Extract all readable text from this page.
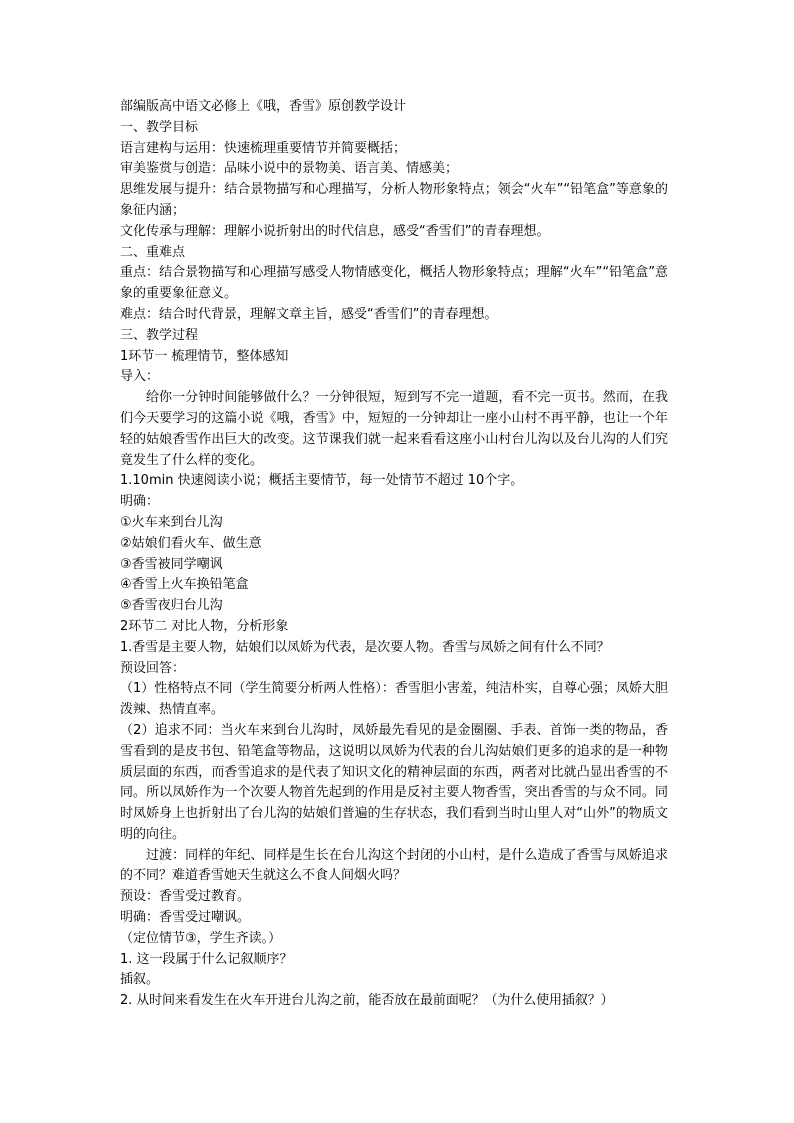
部编版高中语文必修上《哦，香雪》原创教学设计
一、教学目标
语言建构与运用：快速梳理重要情节并简要概括；
审美鉴赏与创造：品味小说中的景物美、语言美、情感美；
思维发展与提升：结合景物描写和心理描写，分析人物形象特点；领会“火车”“铅笔盒”等意象的象征内涵；
文化传承与理解：理解小说折射出的时代信息，感受“香雪们”的青春理想。
二、重难点
重点：结合景物描写和心理描写感受人物情感变化，概括人物形象特点；理解“火车”“铅笔盒”意象的重要象征意义。
难点：结合时代背景，理解文章主旨，感受“香雪们”的青春理想。
三、教学过程
1环节一 梳理情节，整体感知
导入：
给你一分钟时间能够做什么？一分钟很短，短到写不完一道题，看不完一页书。然而，在我们今天要学习的这篇小说《哦，香雪》中，短短的一分钟却让一座小山村不再平静，也让一个年轻的姑娘香雪作出巨大的改变。这节课我们就一起来看看这座小山村台儿沟以及台儿沟的人们究竟发生了什么样的变化。
1.10min 快速阅读小说；概括主要情节，每一处情节不超过 10个字。
明确：
①火车来到台儿沟
②姑娘们看火车、做生意
③香雪被同学嘲讽
④香雪上火车换铅笔盒
⑤香雪夜归台儿沟
2环节二 对比人物，分析形象
1.香雪是主要人物，姑娘们以凤娇为代表，是次要人物。香雪与凤娇之间有什么不同？
预设回答：
（1）性格特点不同（学生简要分析两人性格）：香雪胆小害羞，纯洁朴实，自尊心强；凤娇大胆泼辣、热情直率。
（2）追求不同：当火车来到台儿沟时，凤娇最先看见的是金圈圈、手表、首饰一类的物品，香雪看到的是皮书包、铅笔盒等物品，这说明以凤娇为代表的台儿沟姑娘们更多的追求的是一种物质层面的东西，而香雪追求的是代表了知识文化的精神层面的东西，两者对比就凸显出香雪的不同。所以凤娇作为一个次要人物首先起到的作用是反衬主要人物香雪，突出香雪的与众不同。同时凤娇身上也折射出了台儿沟的姑娘们普遍的生存状态，我们看到当时山里人对“山外”的物质文明的向往。
过渡：同样的年纪、同样是生长在台儿沟这个封闭的小山村，是什么造成了香雪与凤娇追求的不同？难道香雪她天生就这么不食人间烟火吗？
预设：香雪受过教育。
明确：香雪受过嘲讽。
（定位情节③，学生齐读。）
1. 这一段属于什么记叙顺序？
插叙。
2. 从时间来看发生在火车开进台儿沟之前，能否放在最前面呢？（为什么使用插叙？）
